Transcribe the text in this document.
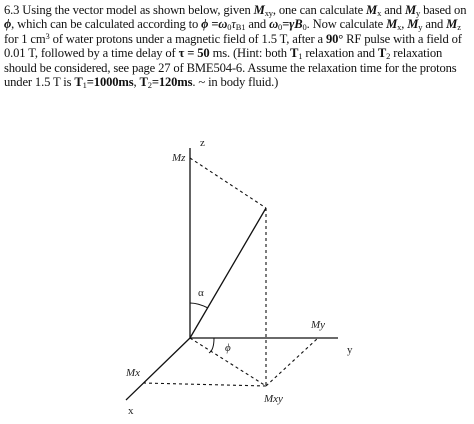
6.3 Using the vector model as shown below, given $M_{xy}$, one can calculate $M_x$ and $M_y$ based on ϕ, which can be calculated according to $\phi =\omega_0\tau_{B1}$ and $\omega_0=\gamma B_0$. Now calculate $M_x$, $M_y$ and $M_z$ for 1 $cm^3$ of water protons under a magnetic field of 1.5 T, after a 90° RF pulse with a field of 0.01 T, followed by a time delay of τ = 50 ms. (Hint: both $T_1$ relaxation and $T_2$ relaxation should be considered, see page 27 of BME504-6. Assume the relaxation time for the protons under 1.5 T is $T_1=1000ms$, $T_2=120ms$. ~ in body fluid.)
z
y
x
Mz
My
Mx
Mxy
α
ϕ
